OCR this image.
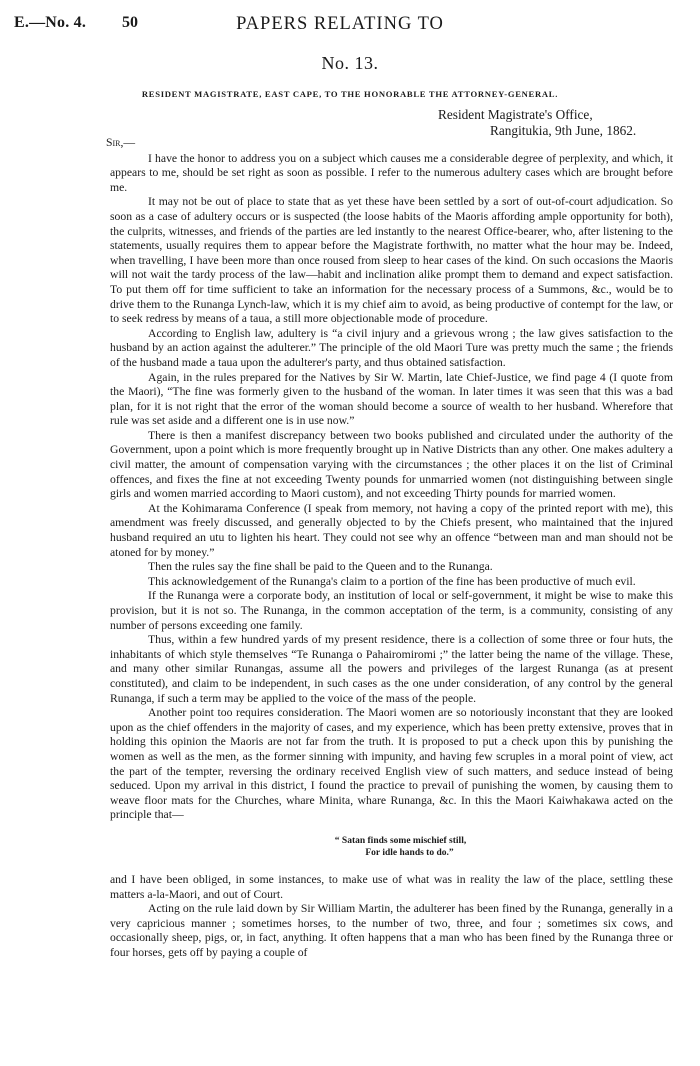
E.—No. 4. 50	PAPERS RELATING TO
No. 13.
RESIDENT MAGISTRATE, EAST CAPE, TO THE HONORABLE THE ATTORNEY-GENERAL.
Resident Magistrate's Office,
Rangitukia, 9th June, 1862.
Sir,—

I have the honor to address you on a subject which causes me a considerable degree of perplexity, and which, it appears to me, should be set right as soon as possible. I refer to the numerous adultery cases which are brought before me.

It may not be out of place to state that as yet these have been settled by a sort of out-of-court adjudication. So soon as a case of adultery occurs or is suspected (the loose habits of the Maoris affording ample opportunity for both), the culprits, witnesses, and friends of the parties are led instantly to the nearest Office-bearer, who, after listening to the statements, usually requires them to appear before the Magistrate forthwith, no matter what the hour may be. Indeed, when travelling, I have been more than once roused from sleep to hear cases of the kind. On such occasions the Maoris will not wait the tardy process of the law—habit and inclination alike prompt them to demand and expect satisfaction. To put them off for time sufficient to take an information for the necessary process of a Summons, &c., would be to drive them to the Runanga Lynch-law, which it is my chief aim to avoid, as being productive of contempt for the law, or to seek redress by means of a taua, a still more objectionable mode of procedure.

According to English law, adultery is “a civil injury and a grievous wrong ; the law gives satisfaction to the husband by an action against the adulterer.” The principle of the old Maori Ture was pretty much the same ; the friends of the husband made a taua upon the adulterer's party, and thus obtained satisfaction.

Again, in the rules prepared for the Natives by Sir W. Martin, late Chief-Justice, we find page 4 (I quote from the Maori), “The fine was formerly given to the husband of the woman. In later times it was seen that this was a bad plan, for it is not right that the error of the woman should become a source of wealth to her husband. Wherefore that rule was set aside and a different one is in use now.”

There is then a manifest discrepancy between two books published and circulated under the authority of the Government, upon a point which is more frequently brought up in Native Districts than any other. One makes adultery a civil matter, the amount of compensation varying with the circumstances ; the other places it on the list of Criminal offences, and fixes the fine at not exceeding Twenty pounds for unmarried women (not distinguishing between single girls and women married according to Maori custom), and not exceeding Thirty pounds for married women.

At the Kohimarama Conference (I speak from memory, not having a copy of the printed report with me), this amendment was freely discussed, and generally objected to by the Chiefs present, who maintained that the injured husband required an utu to lighten his heart. They could not see why an offence “between man and man should not be atoned for by money.”

Then the rules say the fine shall be paid to the Queen and to the Runanga.

This acknowledgement of the Runanga's claim to a portion of the fine has been productive of much evil.

If the Runanga were a corporate body, an institution of local or self-government, it might be wise to make this provision, but it is not so. The Runanga, in the common acceptation of the term, is a community, consisting of any number of persons exceeding one family.

Thus, within a few hundred yards of my present residence, there is a collection of some three or four huts, the inhabitants of which style themselves “Te Runanga o Pahairomiromi ;” the latter being the name of the village. These, and many other similar Runangas, assume all the powers and privileges of the largest Runanga (as at present constituted), and claim to be independent, in such cases as the one under consideration, of any control by the general Runanga, if such a term may be applied to the voice of the mass of the people.

Another point too requires consideration. The Maori women are so notoriously inconstant that they are looked upon as the chief offenders in the majority of cases, and my experience, which has been pretty extensive, proves that in holding this opinion the Maoris are not far from the truth. It is proposed to put a check upon this by punishing the women as well as the men, as the former sinning with impunity, and having few scruples in a moral point of view, act the part of the tempter, reversing the ordinary received English view of such matters, and seduce instead of being seduced. Upon my arrival in this district, I found the practice to prevail of punishing the women, by causing them to weave floor mats for the Churches, whare Minita, whare Runanga, &c. In this the Maori Kaiwhakawa acted on the principle that—

“ Satan finds some mischief still,
For idle hands to do.”

and I have been obliged, in some instances, to make use of what was in reality the law of the place, settling these matters a-la-Maori, and out of Court.

Acting on the rule laid down by Sir William Martin, the adulterer has been fined by the Runanga, generally in a very capricious manner ; sometimes horses, to the number of two, three, and four ; sometimes six cows, and occasionally sheep, pigs, or, in fact, anything. It often happens that a man who has been fined by the Runanga three or four horses, gets off by paying a couple of
